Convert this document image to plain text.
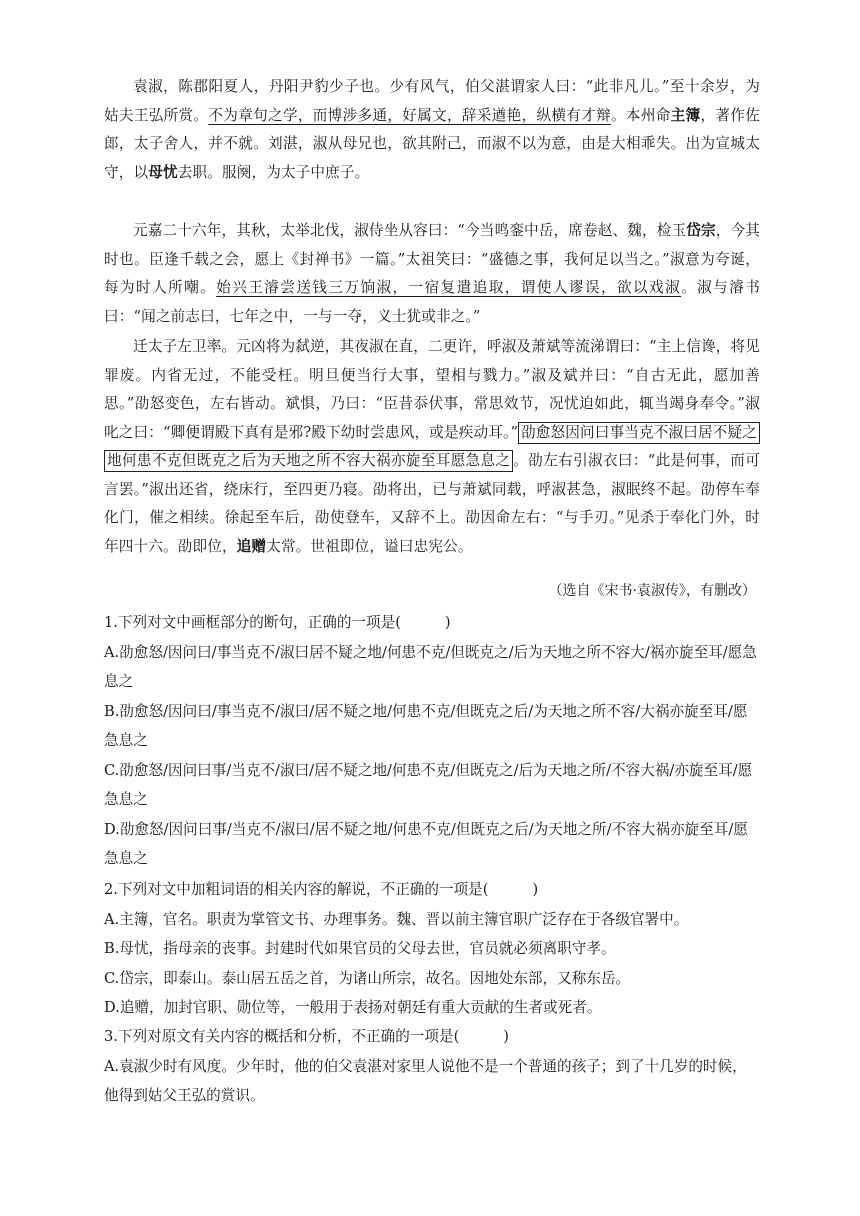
袁淑，陈郡阳夏人，丹阳尹豹少子也。少有风气，伯父湛谓家人曰：“此非凡儿。”至十余岁，为姑夫王弘所赏。不为章句之学，而博涉多通，好属文，辞采遒艳，纵横有才辩。本州命主簿，著作佐郎，太子舍人，并不就。刘湛，淑从母兄也，欲其附己，而淑不以为意，由是大相乖失。出为宣城太守，以母忧去职。服阕，为太子中庶子。
元嘉二十六年，其秋，太举北伐，淑侍坐从容曰：“今当鸣銮中岳，席卷赵、魏，检玉岱宗，今其时也。臣逢千载之会，愿上《封禅书》一篇。”太祖笑曰：“盛德之事，我何足以当之。”淑意为夸诞，每为时人所嘲。始兴王濬尝送钱三万饷淑，一宿复遣追取，谓使人谬误，欲以戏淑。淑与濬书曰：“闻之前志曰，七年之中，一与一夺，义士犹或非之。”
迁太子左卫率。元凶将为弑逆，其夜淑在直，二更许，呼淑及萧斌等流涕谓曰：“主上信谗，将见罪废。内省无过，不能受枉。明旦便当行大事，望相与戮力。”淑及斌并曰：“自古无此，愿加善思。”劭怒变色，左右皆动。斌惧，乃曰：“臣昔忝伏事，常思效节，况忧迫如此，辄当竭身奉令。”淑叱之曰：“卿便谓殿下真有是邪?殿下幼时尝患风，或是疾动耳。” 劭愈怒因问曰事当克不淑曰居不疑之地何患不克但既克之后为天地之所不容大祸亦旋至耳愿急息之 。劭左右引淑衣曰：“此是何事，而可言罢。”淑出还省，绕床行，至四更乃寝。劭将出，已与萧斌同载，呼淑甚急，淑眠终不起。劭停车奉化门，催之相续。徐起至车后，劭使登车，又辞不上。劭因命左右：“与手刃。”见杀于奉化门外，时年四十六。劭即位，追赠太常。世祖即位，谥曰忠宪公。
（选自《宋书·袁淑传》，有删改）
1.下列对文中画框部分的断句，正确的一项是(	)
A.劭愈怒/因问曰/事当克不/淑曰居不疑之地/何患不克/但既克之/后为天地之所不容大/祸亦旋至耳/愿急息之
B.劭愈怒/因问曰/事当克不/淑曰/居不疑之地/何患不克/但既克之后/为天地之所不容/大祸亦旋至耳/愿急息之
C.劭愈怒/因问曰事/当克不/淑曰/居不疑之地/何患不克/但既克之/后为天地之所/不容大祸/亦旋至耳/愿急息之
D.劭愈怒/因问曰事/当克不/淑曰/居不疑之地/何患不克/但既克之后/为天地之所/不容大祸亦旋至耳/愿急息之
2.下列对文中加粗词语的相关内容的解说，不正确的一项是(	)
A.主簿，官名。职责为掌管文书、办理事务。魏、晋以前主簿官职广泛存在于各级官署中。
B.母忧，指母亲的丧事。封建时代如果官员的父母去世，官员就必须离职守孝。
C.岱宗，即泰山。泰山居五岳之首，为诸山所宗，故名。因地处东部，又称东岳。
D.追赠，加封官职、勋位等，一般用于表扬对朝廷有重大贡献的生者或死者。
3.下列对原文有关内容的概括和分析，不正确的一项是(	)
A.袁淑少时有风度。少年时，他的伯父袁湛对家里人说他不是一个普通的孩子；到了十几岁的时候，他得到姑父王弘的赏识。
